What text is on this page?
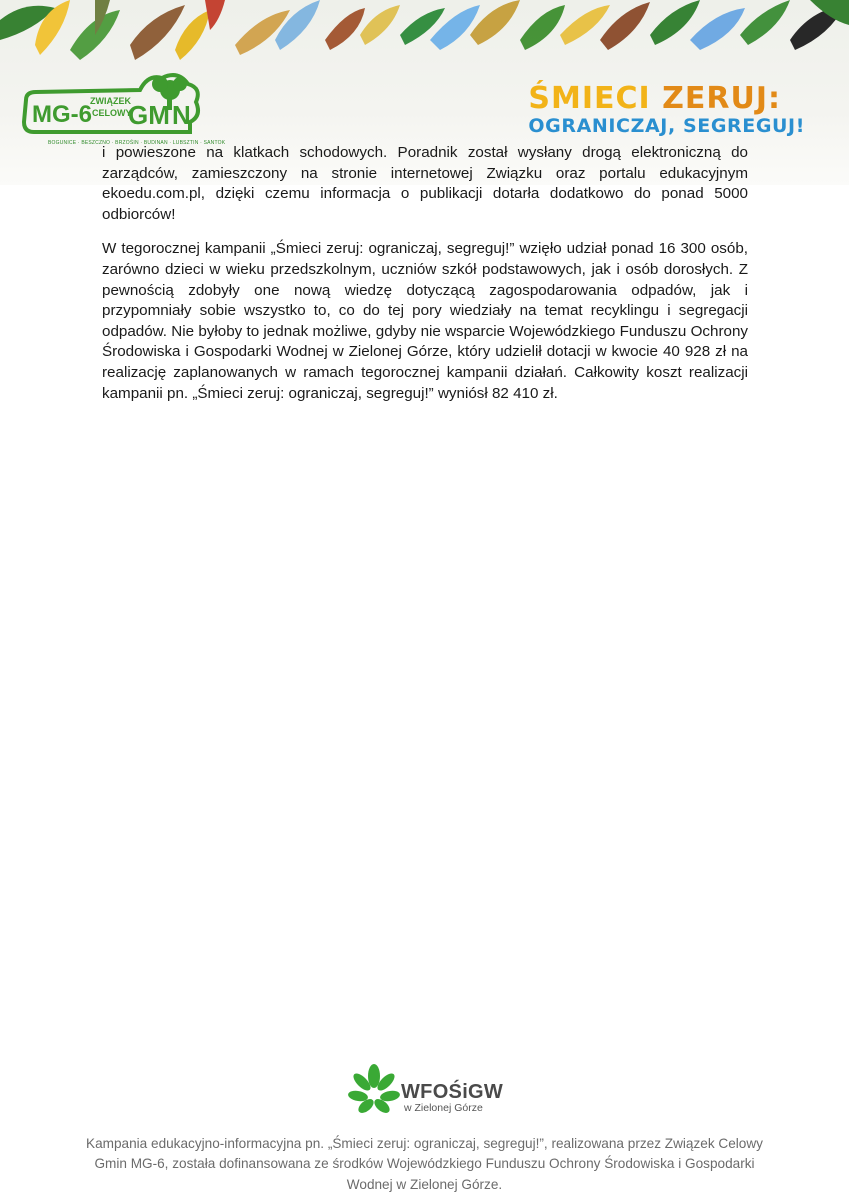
MG-6
ZWIĄZEK
CELOWY
GM N
BOGUNICE · BESZCZNO · BRZOŚIN · BUDINAN · LUBSZTIN · SANTOK
ŚMIECI ZERUJ:
OGRANICZAJ, SEGREGUJ!

i powieszone na klatkach schodowych. Poradnik został wysłany drogą elektroniczną do zarządców, zamieszczony na stronie internetowej Związku oraz portalu edukacyjnym ekoedu.com.pl, dzięki czemu informacja o publikacji dotarła dodatkowo do ponad 5000 odbiorców!

W tegorocznej kampanii „Śmieci zeruj: ograniczaj, segreguj!” wzięło udział ponad 16 300 osób, zarówno dzieci w wieku przedszkolnym, uczniów szkół podstawowych, jak i osób dorosłych. Z pewnością zdobyły one nową wiedzę dotyczącą zagospodarowania odpadów, jak i przypomniały sobie wszystko to, co do tej pory wiedziały na temat recyklingu i segregacji odpadów. Nie byłoby to jednak możliwe, gdyby nie wsparcie Wojewódzkiego Funduszu Ochrony Środowiska i Gospodarki Wodnej w Zielonej Górze, który udzielił dotacji w kwocie 40 928 zł na realizację zaplanowanych w ramach tegorocznej kampanii działań. Całkowity koszt realizacji kampanii pn. „Śmieci zeruj: ograniczaj, segreguj!” wyniósł 82 410 zł.

WFOŚiGW
w Zielonej Górze
Kampania edukacyjno-informacyjna pn. „Śmieci zeruj: ograniczaj, segreguj!”, realizowana przez Związek Celowy Gmin MG-6, została dofinansowana ze środków Wojewódzkiego Funduszu Ochrony Środowiska i Gospodarki Wodnej w Zielonej Górze.
